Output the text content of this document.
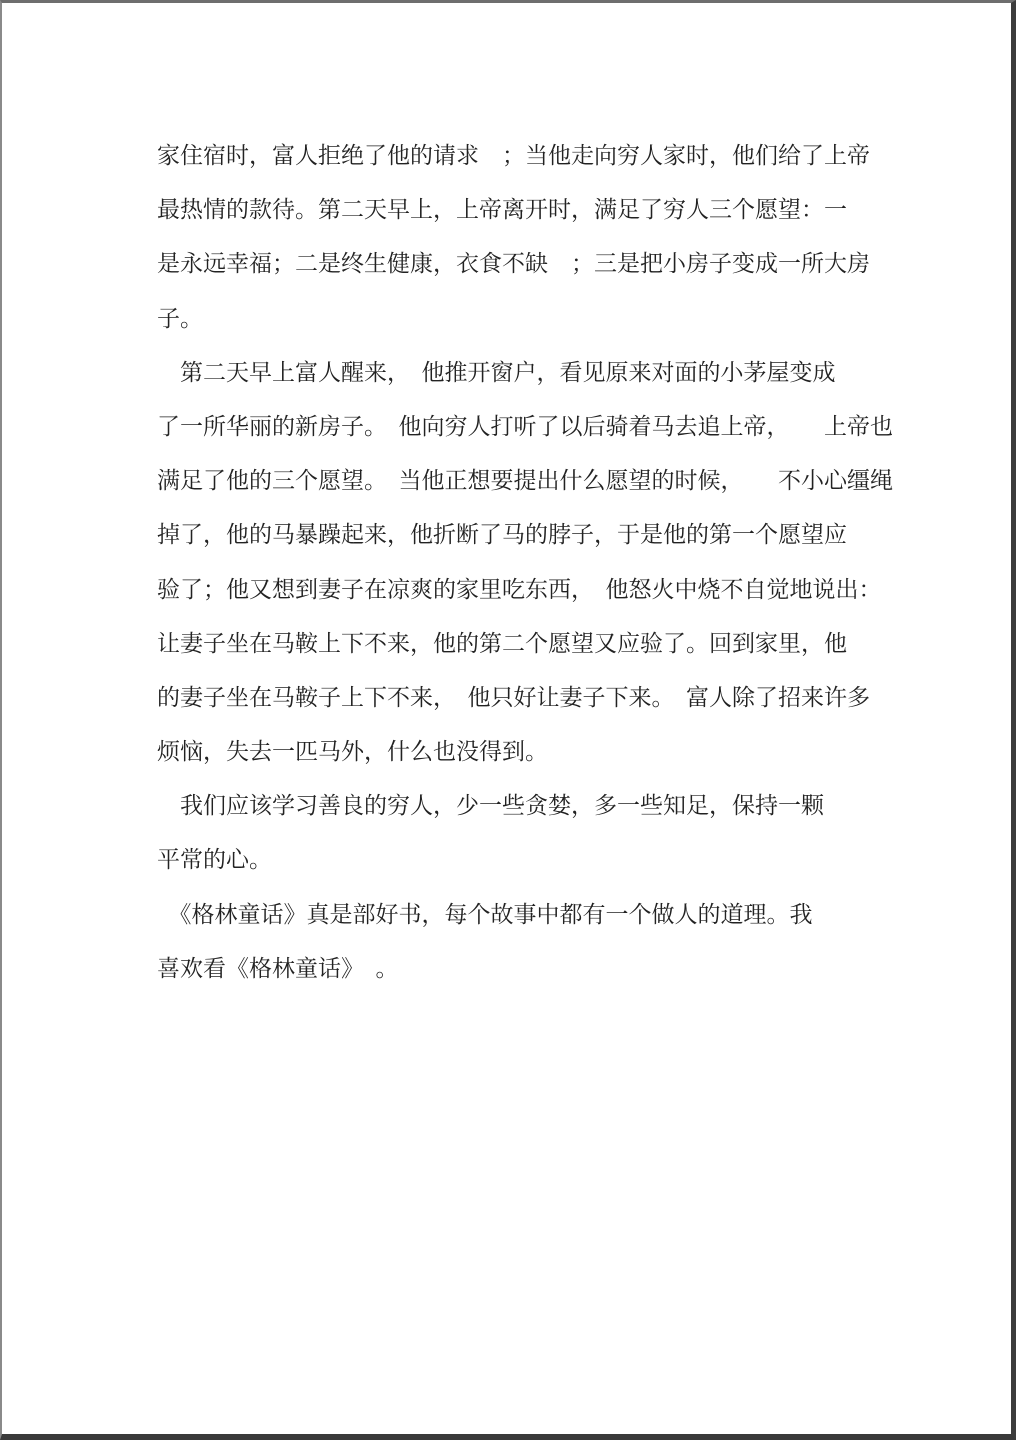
家住宿时，富人拒绝了他的请求　；当他走向穷人家时，他们给了上帝
最热情的款待。第二天早上，上帝离开时，满足了穷人三个愿望：一
是永远幸福；二是终生健康，衣食不缺　；三是把小房子变成一所大房
子。
　第二天早上富人醒来，　他推开窗户，看见原来对面的小茅屋变成
了一所华丽的新房子。　他向穷人打听了以后骑着马去追上帝，　　上帝也
满足了他的三个愿望。　当他正想要提出什么愿望的时候，　　不小心缰绳
掉了，他的马暴躁起来，他折断了马的脖子，于是他的第一个愿望应
验了；他又想到妻子在凉爽的家里吃东西，　他怒火中烧不自觉地说出：
让妻子坐在马鞍上下不来，他的第二个愿望又应验了。回到家里，他
的妻子坐在马鞍子上下不来，　他只好让妻子下来。　富人除了招来许多
烦恼，失去一匹马外，什么也没得到。
　我们应该学习善良的穷人，少一些贪婪，多一些知足，保持一颗
平常的心。
　《格林童话》真是部好书，每个故事中都有一个做人的道理。我
喜欢看《格林童话》　。
